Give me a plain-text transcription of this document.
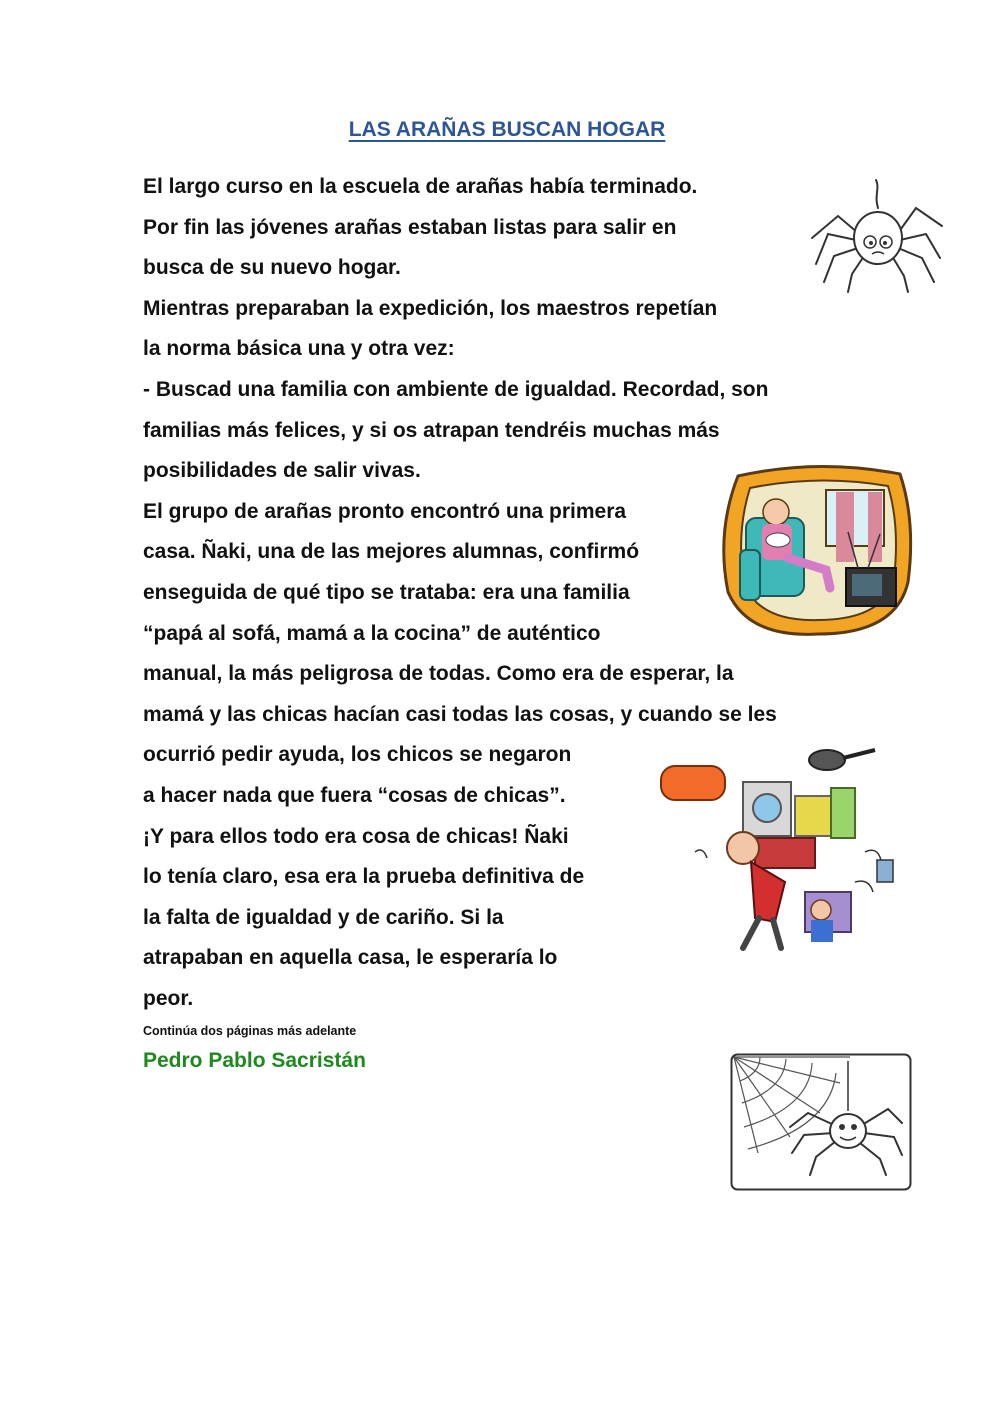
LAS ARAÑAS BUSCAN HOGAR
El largo curso en la escuela de arañas había terminado.
Por fin las jóvenes arañas estaban listas para salir en
busca de su nuevo hogar.
Mientras preparaban la expedición, los maestros repetían
la norma básica una y otra vez:
- Buscad una familia con ambiente de igualdad. Recordad, son
familias más felices, y si os atrapan tendréis muchas más
posibilidades de salir vivas.
El grupo de arañas pronto encontró una primera
casa. Ñaki, una de las mejores alumnas, confirmó
enseguida de qué tipo se trataba: era una familia
“papá al sofá, mamá a la cocina” de auténtico
manual, la más peligrosa de todas. Como era de esperar, la
mamá y las chicas hacían casi todas las cosas, y cuando se les
ocurrió pedir ayuda, los chicos se negaron
a hacer nada que fuera “cosas de chicas”.
¡Y para ellos todo era cosa de chicas! Ñaki
lo tenía claro, esa era la prueba definitiva de
la falta de igualdad y de cariño. Si la
atrapaban en aquella casa, le esperaría lo
peor.
Continúa dos páginas más adelante
Pedro Pablo Sacristán
